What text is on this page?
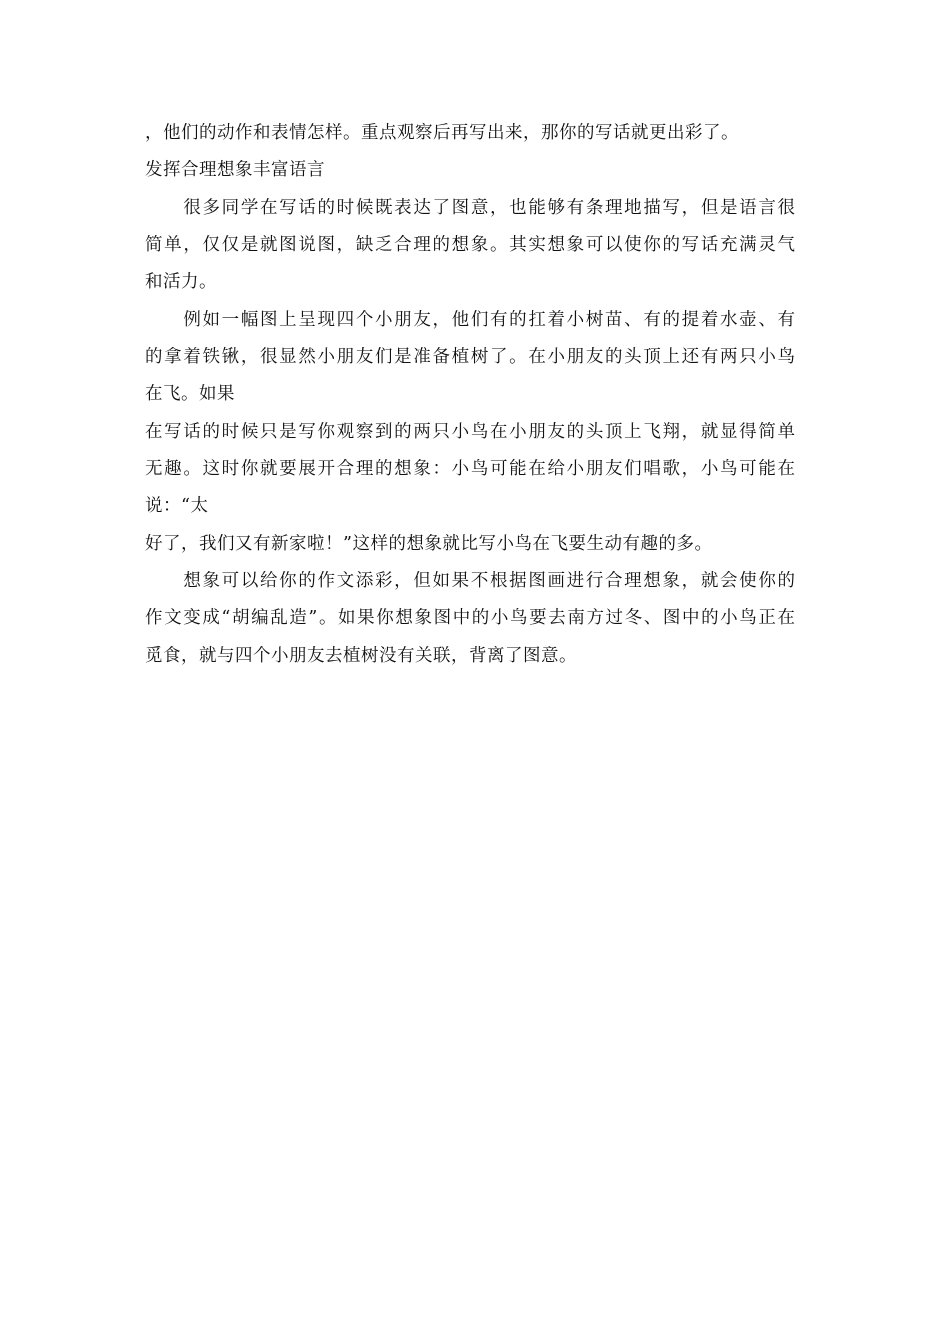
，他们的动作和表情怎样。重点观察后再写出来，那你的写话就更出彩了。
发挥合理想象丰富语言
　　很多同学在写话的时候既表达了图意，也能够有条理地描写，但是语言很
简单，仅仅是就图说图，缺乏合理的想象。其实想象可以使你的写话充满灵气
和活力。
　　例如一幅图上呈现四个小朋友，他们有的扛着小树苗、有的提着水壶、有
的拿着铁锹，很显然小朋友们是准备植树了。在小朋友的头顶上还有两只小鸟
在飞。如果
在写话的时候只是写你观察到的两只小鸟在小朋友的头顶上飞翔，就显得简单
无趣。这时你就要展开合理的想象：小鸟可能在给小朋友们唱歌，小鸟可能在
说：“太
好了，我们又有新家啦！”这样的想象就比写小鸟在飞要生动有趣的多。
　　想象可以给你的作文添彩，但如果不根据图画进行合理想象，就会使你的
作文变成“胡编乱造”。如果你想象图中的小鸟要去南方过冬、图中的小鸟正在
觅食，就与四个小朋友去植树没有关联，背离了图意。
